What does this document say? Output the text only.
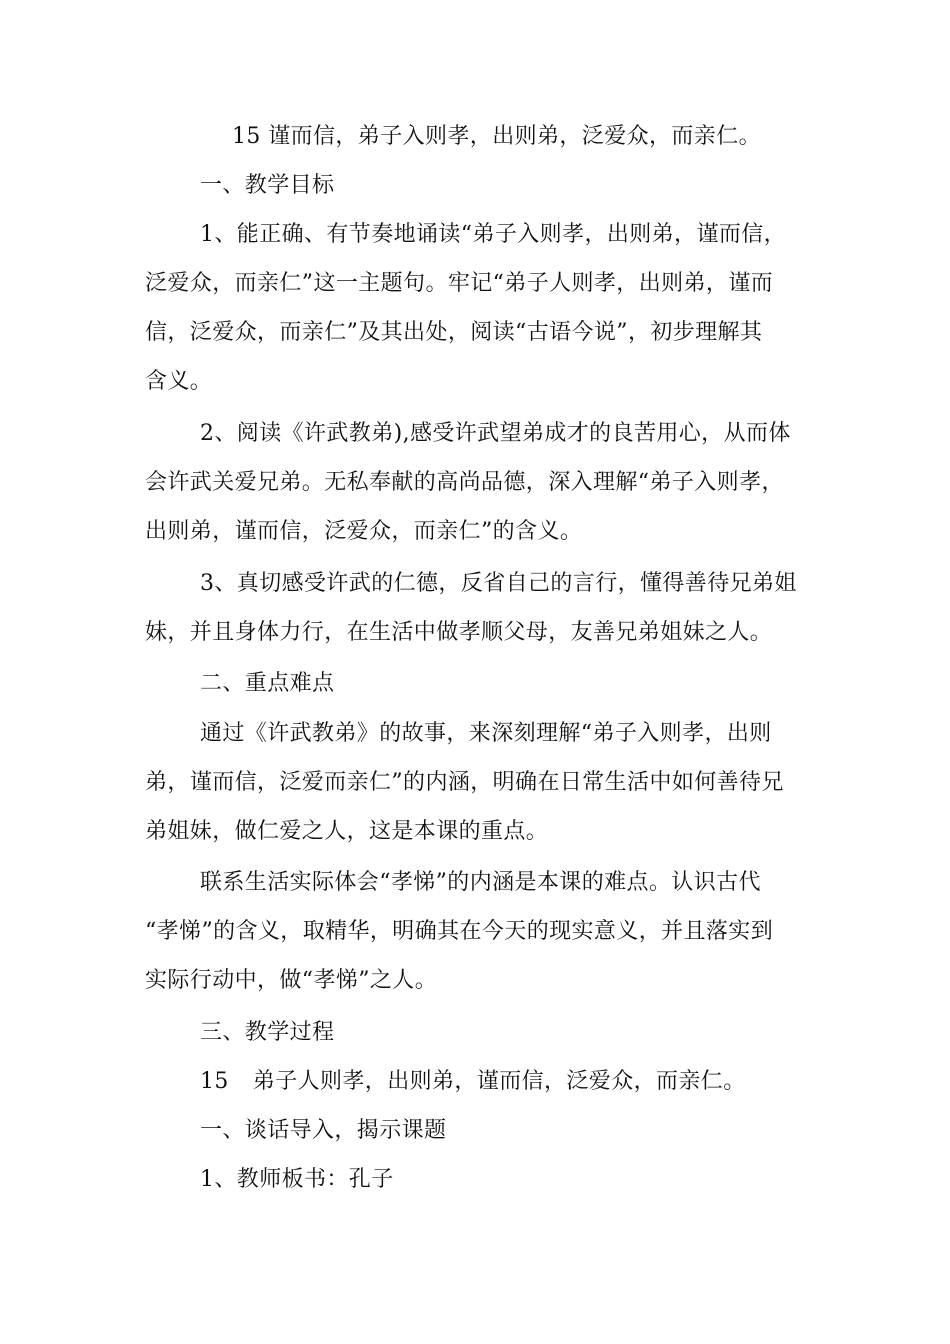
15 谨而信，弟子入则孝，出则弟，泛爱众，而亲仁。
一、教学目标
1、能正确、有节奏地诵读“弟子入则孝，出则弟，谨而信，
泛爱众，而亲仁”这一主题句。牢记“弟子人则孝，出则弟，谨而
信，泛爱众，而亲仁”及其出处，阅读“古语今说”，初步理解其
含义。
2、阅读《许武教弟),感受许武望弟成才的良苦用心，从而体
会许武关爱兄弟。无私奉献的高尚品德，深入理解“弟子入则孝，
出则弟，谨而信，泛爱众，而亲仁”的含义。
3、真切感受许武的仁德，反省自己的言行，懂得善待兄弟姐
妹，并且身体力行，在生活中做孝顺父母，友善兄弟姐妹之人。
二、重点难点
通过《许武教弟》的故事，来深刻理解“弟子入则孝，出则
弟，谨而信，泛爱而亲仁”的内涵，明确在日常生活中如何善待兄
弟姐妹，做仁爱之人，这是本课的重点。
联系生活实际体会“孝悌”的内涵是本课的难点。认识古代
“孝悌”的含义，取精华，明确其在今天的现实意义，并且落实到
实际行动中，做“孝悌”之人。
三、教学过程
15 弟子人则孝，出则弟，谨而信，泛爱众，而亲仁。
一、谈话导入，揭示课题
1、教师板书：孔子
